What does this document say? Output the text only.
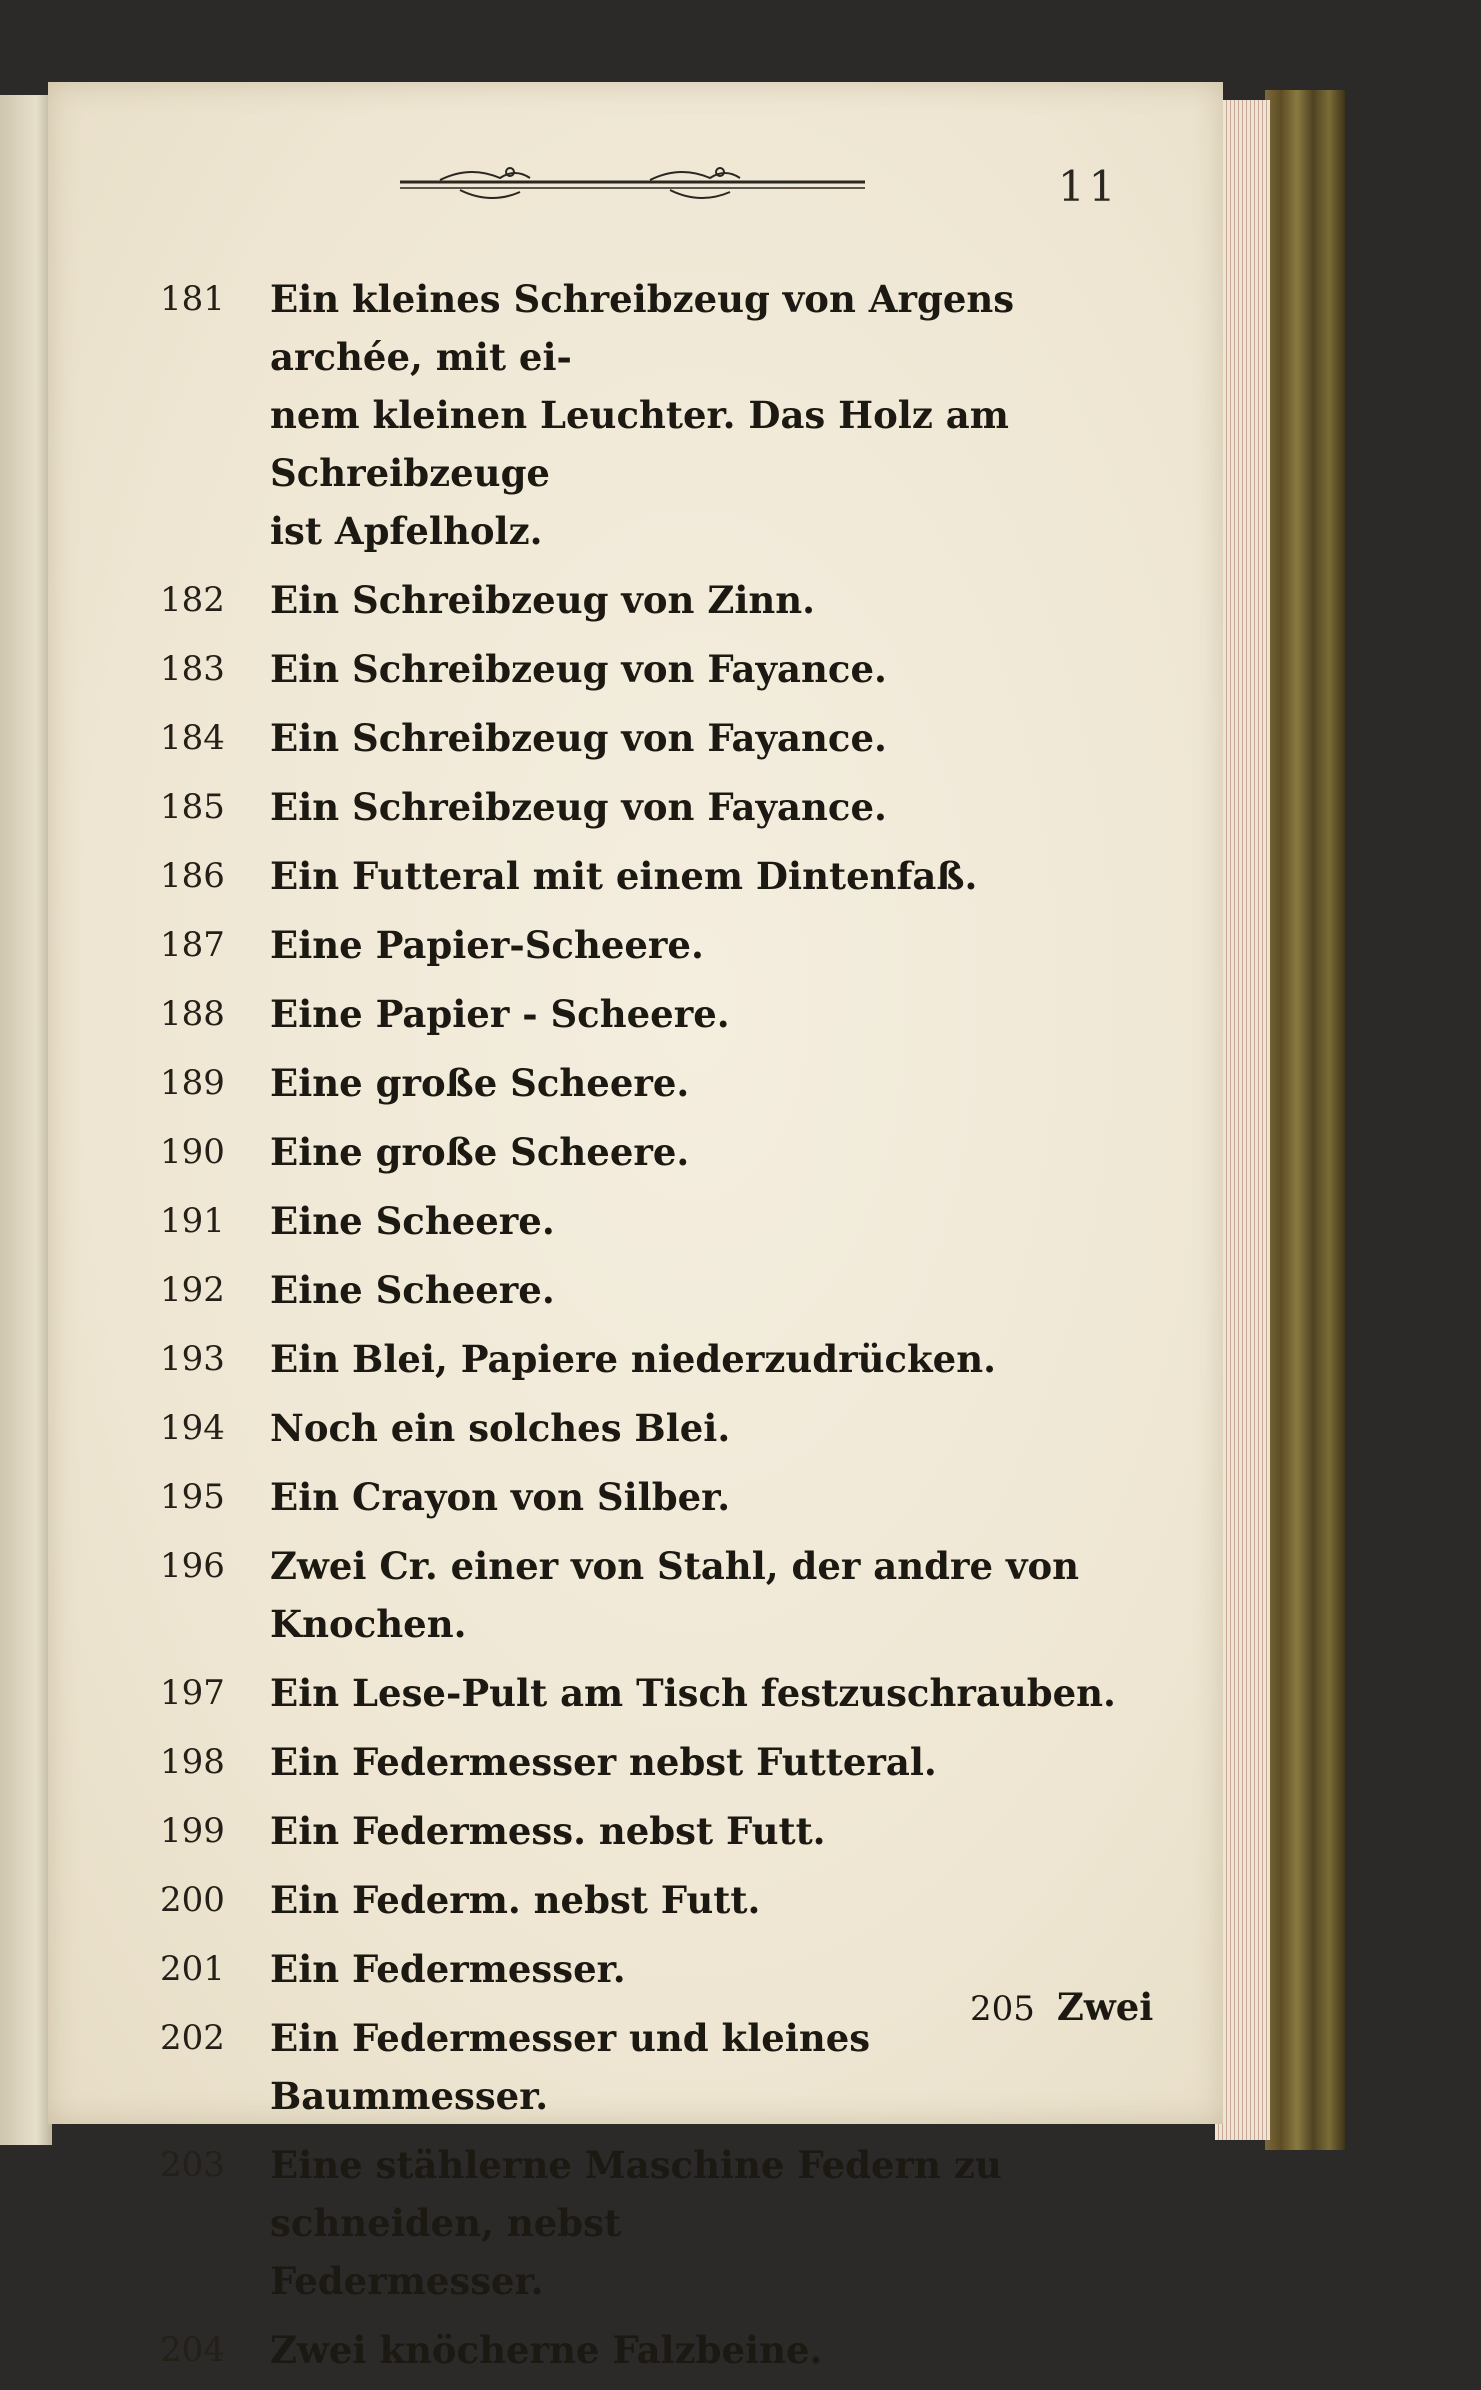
11
181	Ein kleines Schreibzeug von Argens archée, mit ei-
nem kleinen Leuchter. Das Holz am Schreibzeuge
ist Apfelholz.
182	Ein Schreibzeug von Zinn.
183	Ein Schreibzeug von Fayance.
184	Ein Schreibzeug von Fayance.
185	Ein Schreibzeug von Fayance.
186	Ein Futteral mit einem Dintenfaß.
187	Eine Papier-Scheere.
188	Eine Papier - Scheere.
189	Eine große Scheere.
190	Eine große Scheere.
191	Eine Scheere.
192	Eine Scheere.
193	Ein Blei, Papiere niederzudrücken.
194	Noch ein solches Blei.
195	Ein Crayon von Silber.
196	Zwei Cr. einer von Stahl, der andre von Knochen.
197	Ein Lese-Pult am Tisch festzuschrauben.
198	Ein Federmesser nebst Futteral.
199	Ein Federmess. nebst Futt.
200	Ein Federm. nebst Futt.
201	Ein Federmesser.
202	Ein Federmesser und kleines Baummesser.
203	Eine stählerne Maschine Federn zu schneiden, nebst
Federmesser.
204	Zwei knöcherne Falzbeine.
205 Zwei
